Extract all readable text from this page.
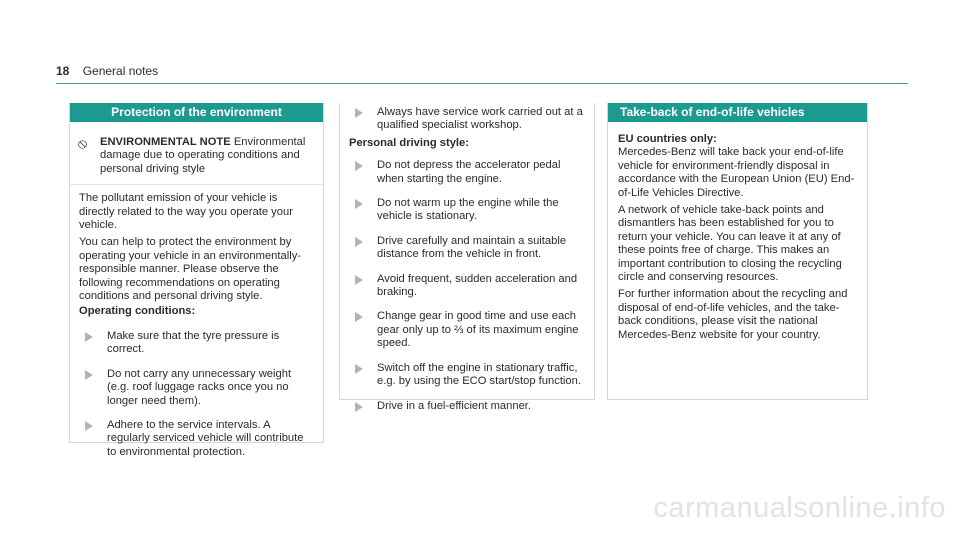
18 General notes
Protection of the environment
⦸	ENVIRONMENTAL NOTE Environmental damage due to operating conditions and personal driving style

The pollutant emission of your vehicle is directly related to the way you operate your vehicle.

You can help to protect the environment by operating your vehicle in an environmentally-responsible manner. Please observe the following recommendations on operating conditions and personal driving style.

Operating conditions:

Make sure that the tyre pressure is correct.
Do not carry any unnecessary weight (e.g. roof luggage racks once you no longer need them).
Adhere to the service intervals. A regularly serviced vehicle will contribute to environmental protection.
Always have service work carried out at a qualified specialist workshop.

Personal driving style:

Do not depress the accelerator pedal when starting the engine.
Do not warm up the engine while the vehicle is stationary.
Drive carefully and maintain a suitable distance from the vehicle in front.
Avoid frequent, sudden acceleration and braking.
Change gear in good time and use each gear only up to ⅔ of its maximum engine speed.
Switch off the engine in stationary traffic, e.g. by using the ECO start/stop function.
Drive in a fuel-efficient manner.
Take-back of end-of-life vehicles

EU countries only:

Mercedes-Benz will take back your end-of-life vehicle for environment-friendly disposal in accordance with the European Union (EU) End-of-Life Vehicles Directive.

A network of vehicle take-back points and dismantlers has been established for you to return your vehicle. You can leave it at any of these points free of charge. This makes an important contribution to closing the recycling circle and conserving resources.

For further information about the recycling and disposal of end-of-life vehicles, and the take-back conditions, please visit the national Mercedes-Benz website for your country.

carmanualsonline.info
